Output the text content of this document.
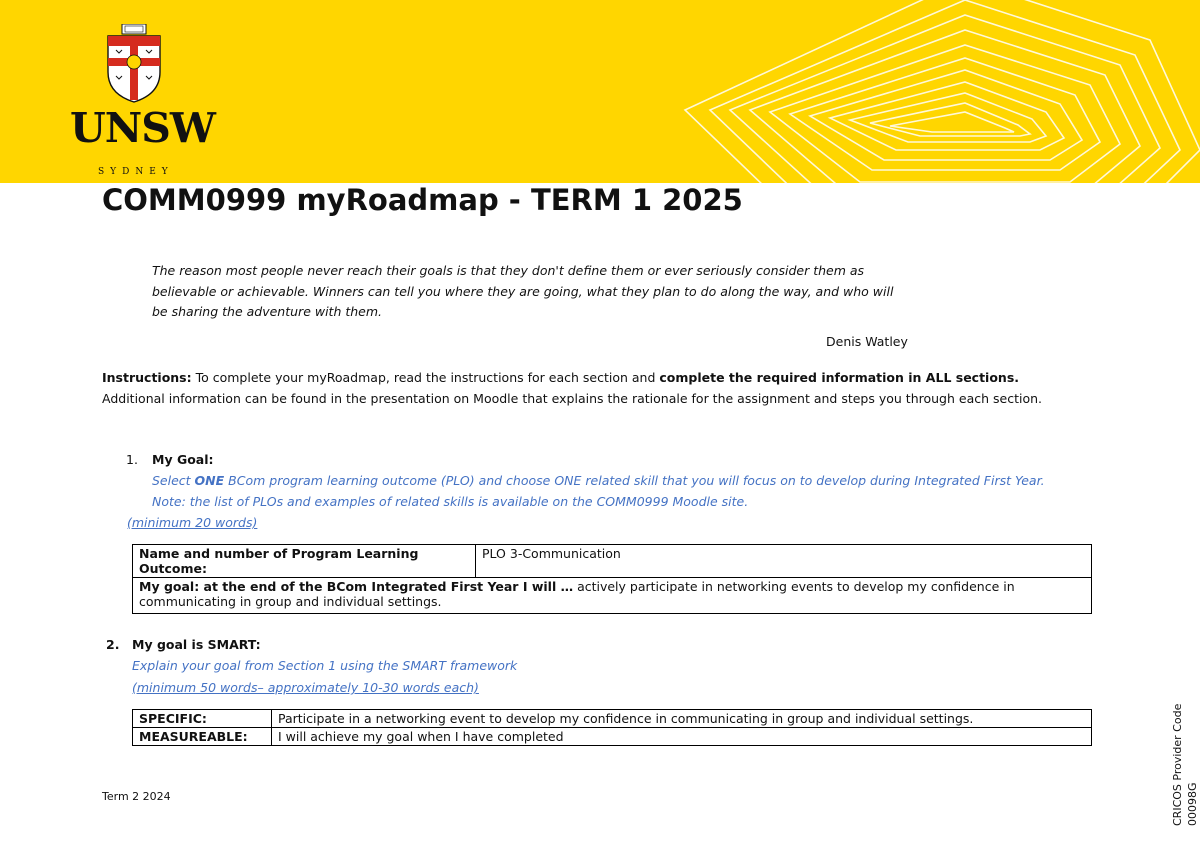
UNSW
SYDNEY
COMM0999 myRoadmap - TERM 1 2025
The reason most people never reach their goals is that they don't define them or ever seriously consider them as
believable or achievable. Winners can tell you where they are going, what they plan to do along the way, and who will
be sharing the adventure with them.
Denis Watley
Instructions: To complete your myRoadmap, read the instructions for each section and complete the required information in ALL sections.
Additional information can be found in the presentation on Moodle that explains the rationale for the assignment and steps you through each section.
1. My Goal:
Select ONE BCom program learning outcome (PLO) and choose ONE related skill that you will focus on to develop during Integrated First Year.
Note: the list of PLOs and examples of related skills is available on the COMM0999 Moodle site.
(minimum 20 words)
Name and number of Program Learning Outcome:	PLO 3-Communication
My goal: at the end of the BCom Integrated First Year I will … actively participate in networking events to develop my confidence in communicating in group and individual settings.
2. My goal is SMART:
Explain your goal from Section 1 using the SMART framework
(minimum 50 words– approximately 10-30 words each)
SPECIFIC:	Participate in a networking event to develop my confidence in communicating in group and individual settings.
MEASUREABLE:	I will achieve my goal when I have completed
Term 2 2024	CRICOS Provider Code 00098G
